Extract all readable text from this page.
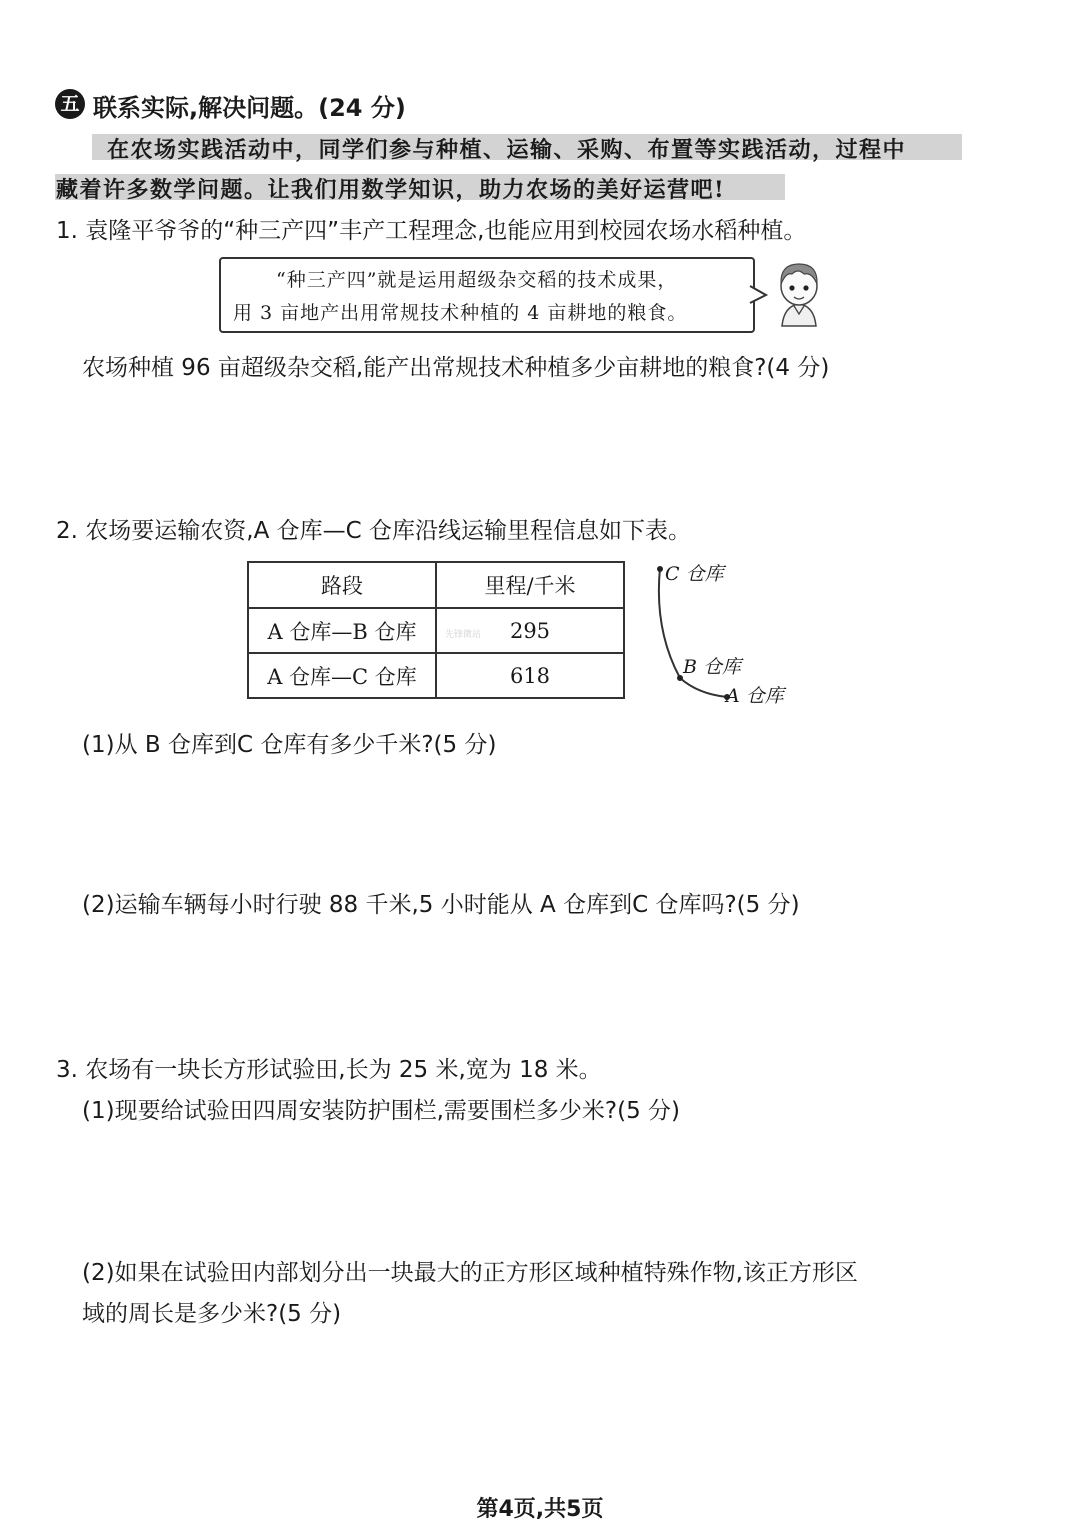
五 联系实际,解决问题。(24 分)
在农场实践活动中，同学们参与种植、运输、采购、布置等实践活动，过程中
藏着许多数学问题。让我们用数学知识，助力农场的美好运营吧!
1. 袁隆平爷爷的“种三产四”丰产工程理念,也能应用到校园农场水稻种植。
“种三产四”就是运用超级杂交稻的技术成果，
用 3 亩地产出用常规技术种植的 4 亩耕地的粮食。
农场种植 96 亩超级杂交稻,能产出常规技术种植多少亩耕地的粮食?(4 分)
2. 农场要运输农资,A 仓库—C 仓库沿线运输里程信息如下表。
路段	里程/千米
A 仓库—B 仓库	先锋微站 295
A 仓库—C 仓库	618
C 仓库
B 仓库
A 仓库
(1)从 B 仓库到C 仓库有多少千米?(5 分)
(2)运输车辆每小时行驶 88 千米,5 小时能从 A 仓库到C 仓库吗?(5 分)
3. 农场有一块长方形试验田,长为 25 米,宽为 18 米。
(1)现要给试验田四周安装防护围栏,需要围栏多少米?(5 分)
(2)如果在试验田内部划分出一块最大的正方形区域种植特殊作物,该正方形区
域的周长是多少米?(5 分)
第4页,共5页
